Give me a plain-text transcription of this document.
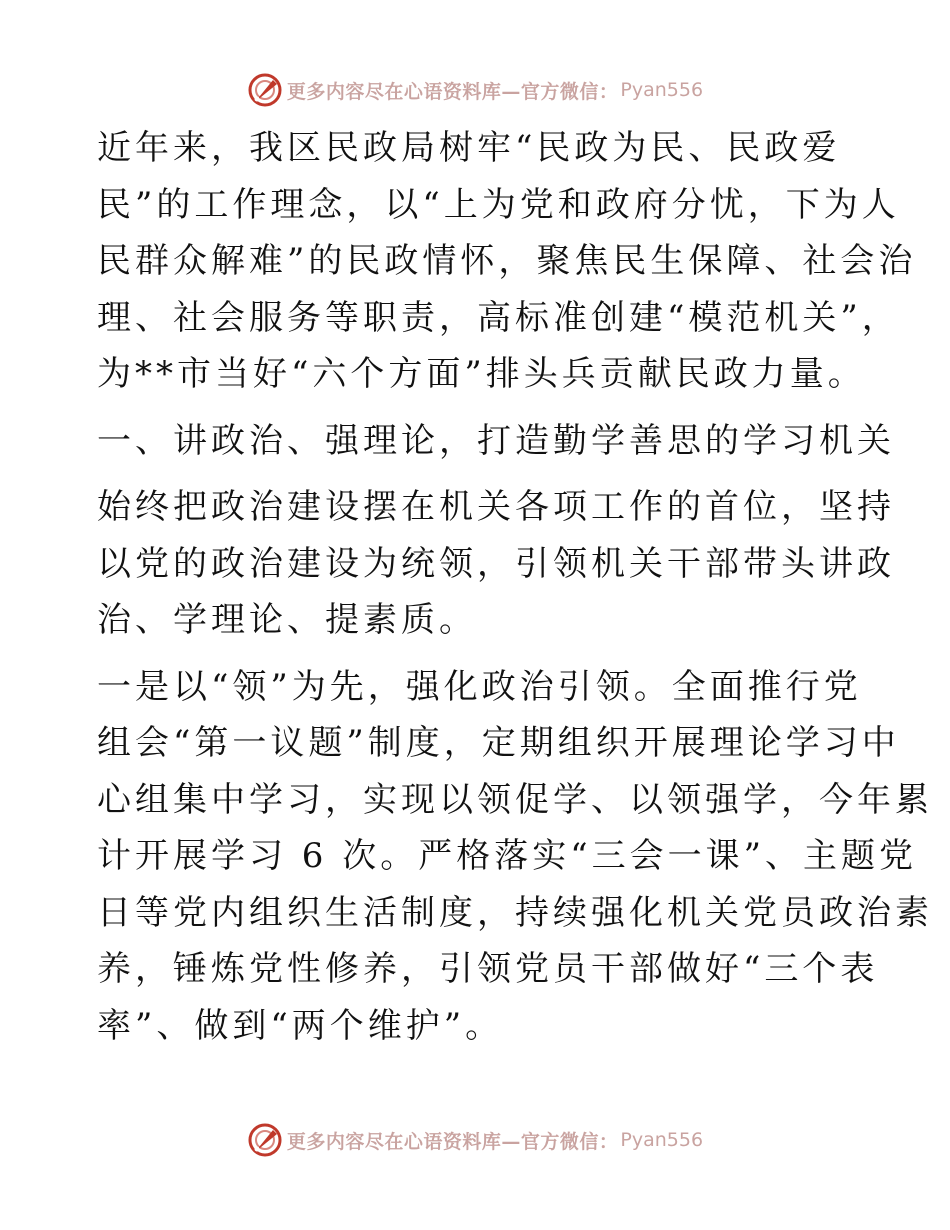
更多内容尽在心语资料库—官方微信： Pyan556

近年来，我区民政局树牢“民政为民、民政爱
民”的工作理念，以“上为党和政府分忧，下为人
民群众解难”的民政情怀，聚焦民生保障、社会治
理、社会服务等职责，高标准创建“模范机关”，
为**市当好“六个方面”排头兵贡献民政力量。

一、讲政治、强理论，打造勤学善思的学习机关

始终把政治建设摆在机关各项工作的首位，坚持
以党的政治建设为统领，引领机关干部带头讲政
治、学理论、提素质。

一是以“领”为先，强化政治引领。全面推行党
组会“第一议题”制度，定期组织开展理论学习中
心组集中学习，实现以领促学、以领强学，今年累
计开展学习 6 次。严格落实“三会一课”、主题党
日等党内组织生活制度，持续强化机关党员政治素
养，锤炼党性修养，引领党员干部做好“三个表
率”、做到“两个维护”。

更多内容尽在心语资料库—官方微信： Pyan556
